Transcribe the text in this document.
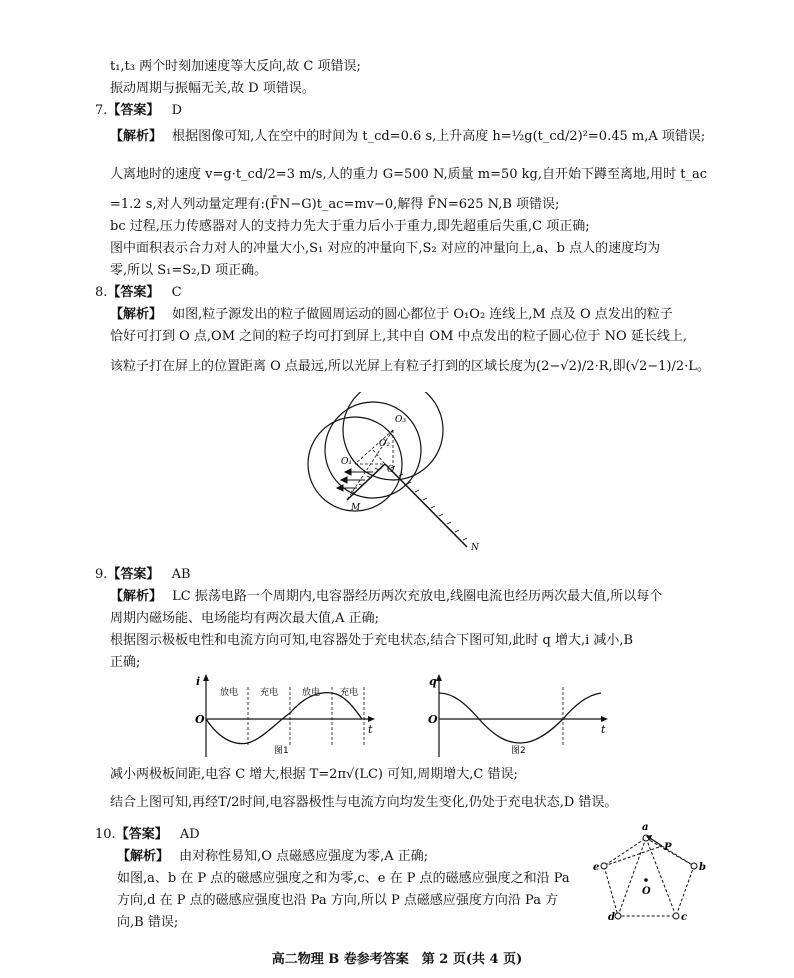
t₁,t₃ 两个时刻加速度等大反向,故 C 项错误;
振动周期与振幅无关,故 D 项错误。
7.【答案】 D
【解析】 根据图像可知,人在空中的时间为 t_cd=0.6 s,上升高度 h=½g(t_cd/2)²=0.45 m,A 项错误;
人离地时的速度 v=g·t_cd/2=3 m/s,人的重力 G=500 N,质量 m=50 kg,自开始下蹲至离地,用时 t_ac
=1.2 s,对人列动量定理有:(F̄N−G)t_ac=mv−0,解得 F̄N=625 N,B 项错误;
bc 过程,压力传感器对人的支持力先大于重力后小于重力,即先超重后失重,C 项正确;
图中面积表示合力对人的冲量大小,S₁ 对应的冲量向下,S₂ 对应的冲量向上,a、b 点人的速度均为
零,所以 S₁=S₂,D 项正确。
8.【答案】 C
【解析】 如图,粒子源发出的粒子做圆周运动的圆心都位于 O₁O₂ 连线上,M 点及 O 点发出的粒子
恰好可打到 O 点,OM 之间的粒子均可打到屏上,其中自 OM 中点发出的粒子圆心位于 NO 延长线上,
该粒子打在屏上的位置距离 O 点最远,所以光屏上有粒子打到的区域长度为(2−√2)/2·R,即(√2−1)/2·L。
O₃
O₂
O₁
O
M
N
9.【答案】 AB
【解析】 LC 振荡电路一个周期内,电容器经历两次充放电,线圈电流也经历两次最大值,所以每个
周期内磁场能、电场能均有两次最大值,A 正确;
根据图示极板电性和电流方向可知,电容器处于充电状态,结合下图可知,此时 q 增大,i 减小,B
正确;
i
O
t
放电 充电	放电 充电
图1
q
O
t
图2
减小两极板间距,电容 C 增大,根据 T=2π√(LC) 可知,周期增大,C 错误;
结合上图可知,再经T/2时间,电容器极性与电流方向均发生变化,仍处于充电状态,D 错误。
10.【答案】 AD
【解析】 由对称性易知,O 点磁感应强度为零,A 正确;
如图,a、b 在 P 点的磁感应强度之和为零,c、e 在 P 点的磁感应强度之和沿 Pa
方向,d 在 P 点的磁感应强度也沿 Pa 方向,所以 P 点磁感应强度方向沿 Pa 方
向,B 错误;
a
b
c
d
e
P
O
高二物理 B 卷参考答案　第 2 页(共 4 页)
